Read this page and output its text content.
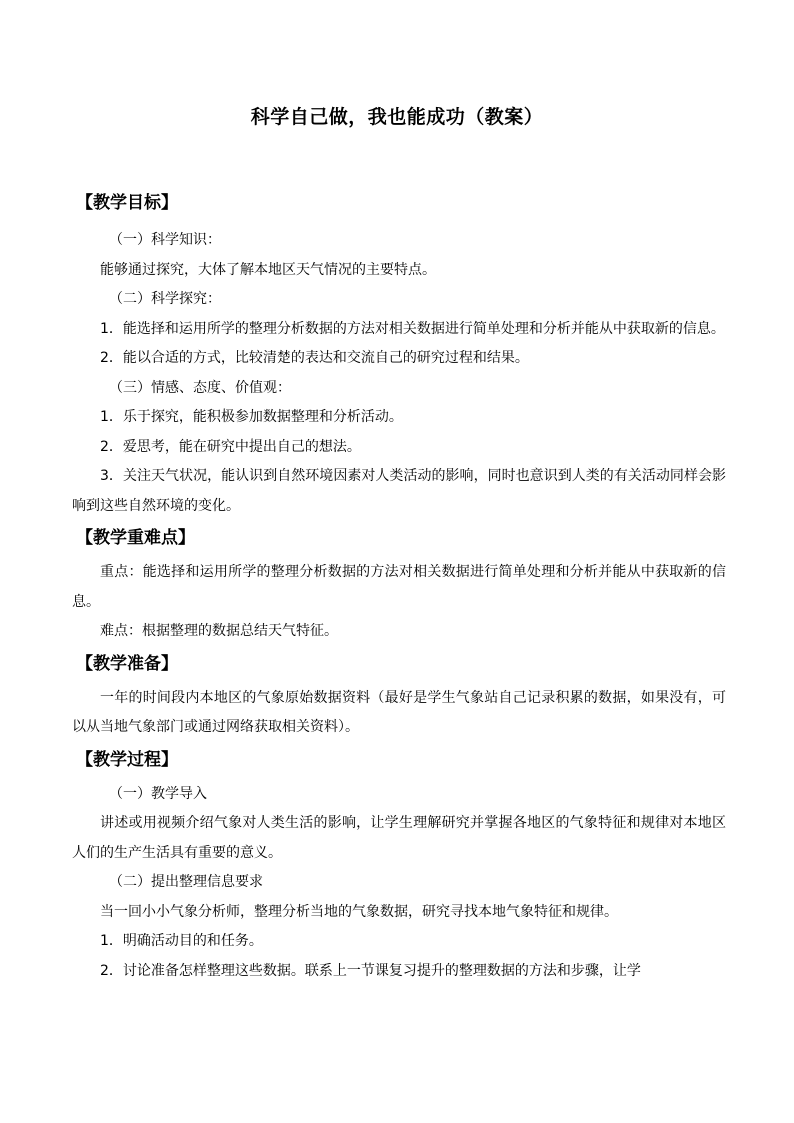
科学自己做，我也能成功（教案）
【教学目标】

（一）科学知识：

能够通过探究，大体了解本地区天气情况的主要特点。

（二）科学探究：

1．能选择和运用所学的整理分析数据的方法对相关数据进行简单处理和分析并能从中获取新的信息。

2．能以合适的方式，比较清楚的表达和交流自己的研究过程和结果。

（三）情感、态度、价值观：

1．乐于探究，能积极参加数据整理和分析活动。

2．爱思考，能在研究中提出自己的想法。

3．关注天气状况，能认识到自然环境因素对人类活动的影响，同时也意识到人类的有关活动同样会影响到这些自然环境的变化。

【教学重难点】

重点：能选择和运用所学的整理分析数据的方法对相关数据进行简单处理和分析并能从中获取新的信息。

难点：根据整理的数据总结天气特征。

【教学准备】

一年的时间段内本地区的气象原始数据资料（最好是学生气象站自己记录积累的数据，如果没有，可以从当地气象部门或通过网络获取相关资料）。

【教学过程】

（一）教学导入

讲述或用视频介绍气象对人类生活的影响，让学生理解研究并掌握各地区的气象特征和规律对本地区人们的生产生活具有重要的意义。

（二）提出整理信息要求

当一回小小气象分析师，整理分析当地的气象数据，研究寻找本地气象特征和规律。

1．明确活动目的和任务。

2．讨论准备怎样整理这些数据。联系上一节课复习提升的整理数据的方法和步骤，让学
